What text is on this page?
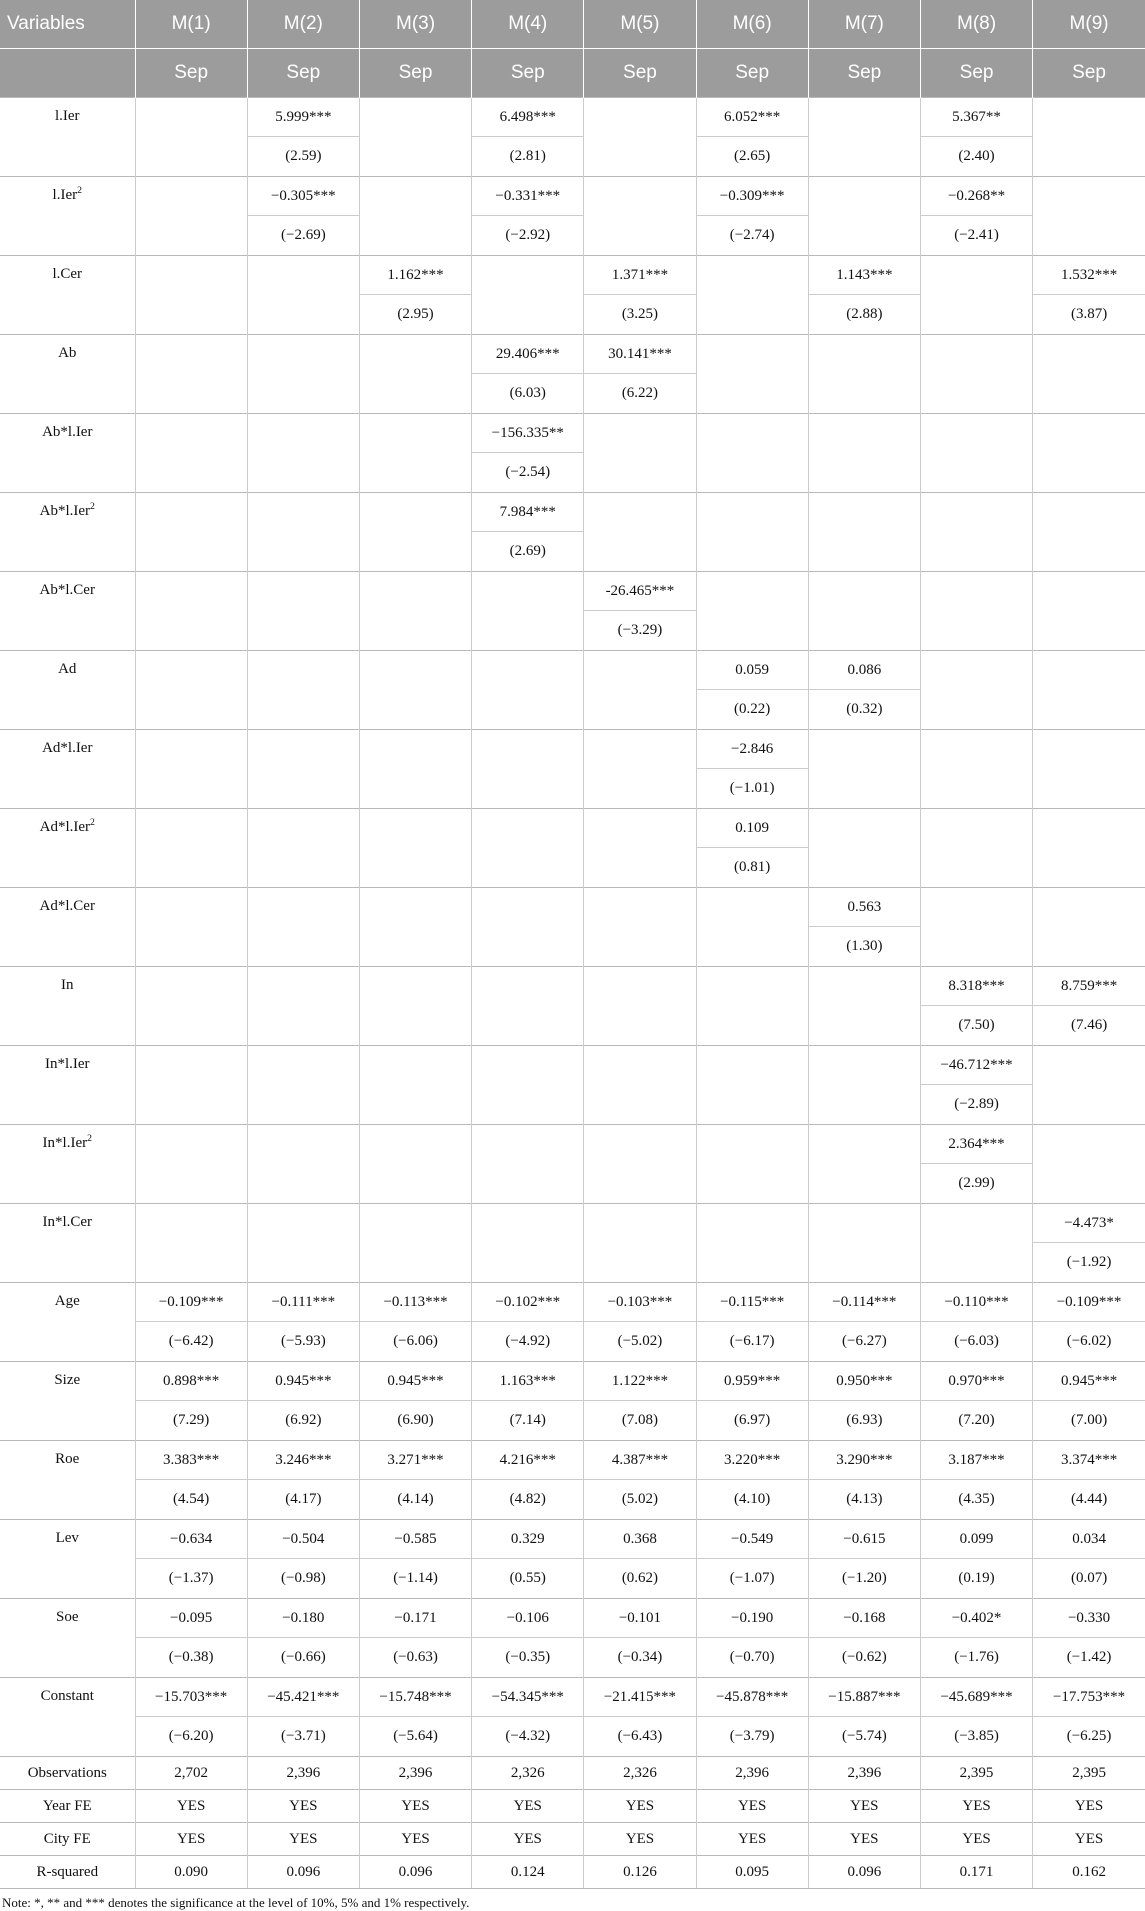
Variables	M(1)	M(2)	M(3)	M(4)	M(5)	M(6)	M(7)	M(8)	M(9)
	Sep	Sep	Sep	Sep	Sep	Sep	Sep	Sep	Sep
l.Ier		5.999***		6.498***		6.052***		5.367**	
		(2.59)		(2.81)		(2.65)		(2.40)	
l.Ier$^2$		−0.305***		−0.331***		−0.309***		−0.268**	
		(−2.69)		(−2.92)		(−2.74)		(−2.41)	
l.Cer			1.162***		1.371***		1.143***		1.532***
			(2.95)		(3.25)		(2.88)		(3.87)
Ab				29.406***	30.141***				
				(6.03)	(6.22)				
Ab*l.Ier				−156.335**					
				(−2.54)					
Ab*l.Ier$^2$				7.984***					
				(2.69)					
Ab*l.Cer					-26.465***				
					(−3.29)				
Ad						0.059	0.086		
						(0.22)	(0.32)		
Ad*l.Ier						−2.846			
						(−1.01)			
Ad*l.Ier$^2$						0.109			
						(0.81)			
Ad*l.Cer							0.563		
							(1.30)		
In								8.318***	8.759***
								(7.50)	(7.46)
In*l.Ier								−46.712***	
								(−2.89)	
In*l.Ier$^2$								2.364***	
								(2.99)	
In*l.Cer									−4.473*
									(−1.92)
Age	−0.109***	−0.111***	−0.113***	−0.102***	−0.103***	−0.115***	−0.114***	−0.110***	−0.109***
	(−6.42)	(−5.93)	(−6.06)	(−4.92)	(−5.02)	(−6.17)	(−6.27)	(−6.03)	(−6.02)
Size	0.898***	0.945***	0.945***	1.163***	1.122***	0.959***	0.950***	0.970***	0.945***
	(7.29)	(6.92)	(6.90)	(7.14)	(7.08)	(6.97)	(6.93)	(7.20)	(7.00)
Roe	3.383***	3.246***	3.271***	4.216***	4.387***	3.220***	3.290***	3.187***	3.374***
	(4.54)	(4.17)	(4.14)	(4.82)	(5.02)	(4.10)	(4.13)	(4.35)	(4.44)
Lev	−0.634	−0.504	−0.585	0.329	0.368	−0.549	−0.615	0.099	0.034
	(−1.37)	(−0.98)	(−1.14)	(0.55)	(0.62)	(−1.07)	(−1.20)	(0.19)	(0.07)
Soe	−0.095	−0.180	−0.171	−0.106	−0.101	−0.190	−0.168	−0.402*	−0.330
	(−0.38)	(−0.66)	(−0.63)	(−0.35)	(−0.34)	(−0.70)	(−0.62)	(−1.76)	(−1.42)
Constant	−15.703***	−45.421***	−15.748***	−54.345***	−21.415***	−45.878***	−15.887***	−45.689***	−17.753***
	(−6.20)	(−3.71)	(−5.64)	(−4.32)	(−6.43)	(−3.79)	(−5.74)	(−3.85)	(−6.25)
Observations	2,702	2,396	2,396	2,326	2,326	2,396	2,396	2,395	2,395
Year FE	YES	YES	YES	YES	YES	YES	YES	YES	YES
City FE	YES	YES	YES	YES	YES	YES	YES	YES	YES
R-squared	0.090	0.096	0.096	0.124	0.126	0.095	0.096	0.171	0.162
Note: *, ** and *** denotes the significance at the level of 10%, 5% and 1% respectively.
